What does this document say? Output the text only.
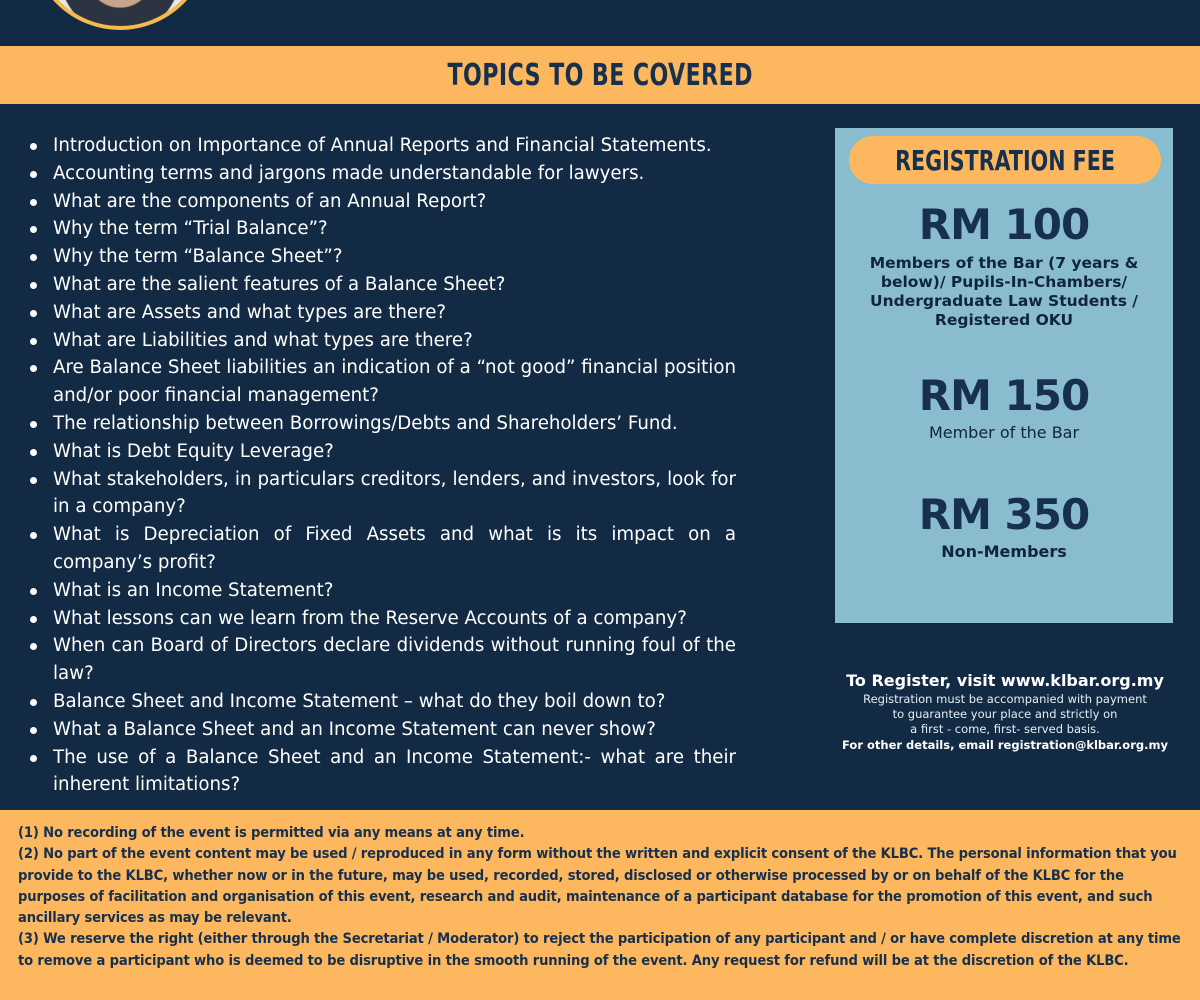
TOPICS TO BE COVERED
Introduction on Importance of Annual Reports and Financial Statements.
Accounting terms and jargons made understandable for lawyers.
What are the components of an Annual Report?
Why the term “Trial Balance”?
Why the term “Balance Sheet”?
What are the salient features of a Balance Sheet?
What are Assets and what types are there?
What are Liabilities and what types are there?
Are Balance Sheet liabilities an indication of a “not good” financial position and/or poor financial management?
The relationship between Borrowings/Debts and Shareholders’ Fund.
What is Debt Equity Leverage?
What stakeholders, in particulars creditors, lenders, and investors, look for in a company?
What is Depreciation of Fixed Assets and what is its impact on a company’s profit?
What is an Income Statement?
What lessons can we learn from the Reserve Accounts of a company?
When can Board of Directors declare dividends without running foul of the law?
Balance Sheet and Income Statement – what do they boil down to?
What a Balance Sheet and an Income Statement can never show?
The use of a Balance Sheet and an Income Statement:- what are their inherent limitations?
REGISTRATION FEE
RM 100
Members of the Bar (7 years & below)/ Pupils-In-Chambers/ Undergraduate Law Students / Registered OKU
RM 150
Member of the Bar
RM 350
Non-Members
To Register, visit www.klbar.org.my
Registration must be accompanied with payment
to guarantee your place and strictly on
a first - come, first- served basis.
For other details, email registration@klbar.org.my

(1) No recording of the event is permitted via any means at any time.

(2) No part of the event content may be used / reproduced in any form without the written and explicit consent of the KLBC. The personal information that you provide to the KLBC, whether now or in the future, may be used, recorded, stored, disclosed or otherwise processed by or on behalf of the KLBC for the purposes of facilitation and organisation of this event, research and audit, maintenance of a participant database for the promotion of this event, and such ancillary services as may be relevant.

(3) We reserve the right (either through the Secretariat / Moderator) to reject the participation of any participant and / or have complete discretion at any time to remove a participant who is deemed to be disruptive in the smooth running of the event. Any request for refund will be at the discretion of the KLBC.
